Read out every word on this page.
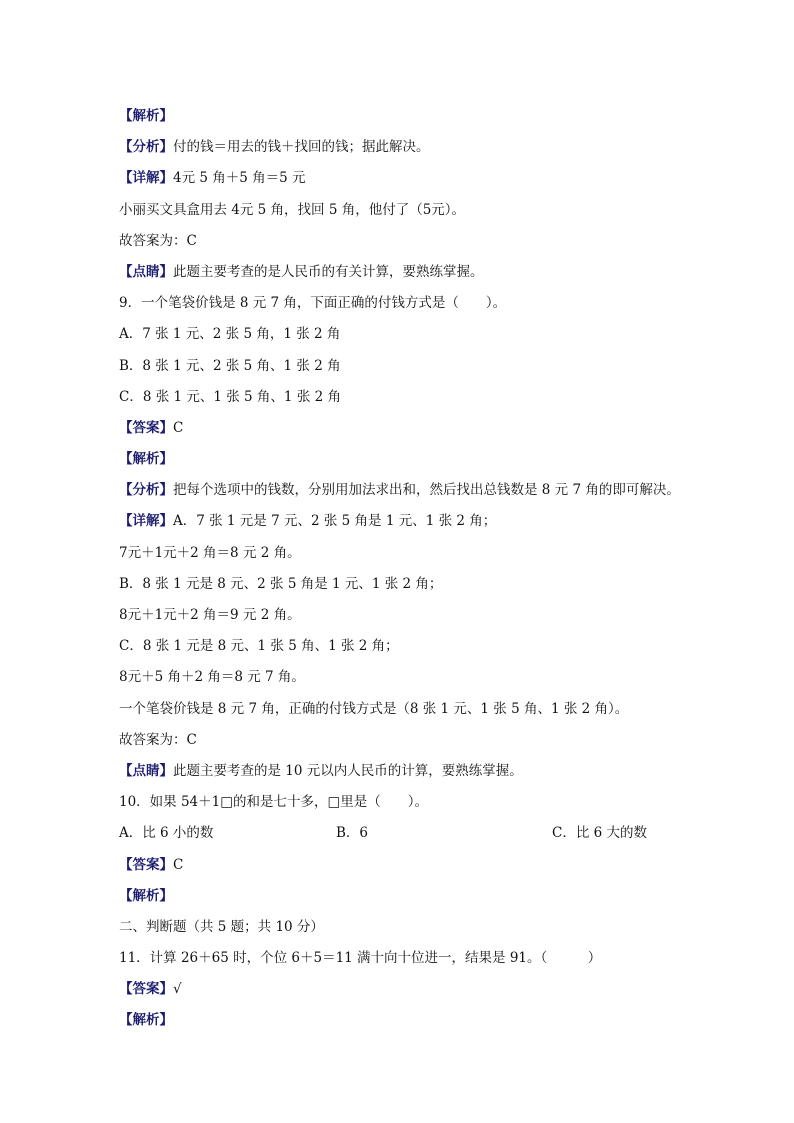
【解析】
【分析】付的钱＝用去的钱＋找回的钱；据此解决。
【详解】4元 5 角＋5 角＝5 元
小丽买文具盒用去 4元 5 角，找回 5 角，他付了（5元）。
故答案为：C
【点睛】此题主要考查的是人民币的有关计算，要熟练掌握。
9．一个笔袋价钱是 8 元 7 角，下面正确的付钱方式是（　　）。
A．7 张 1 元、2 张 5 角，1 张 2 角
B．8 张 1 元、2 张 5 角、1 张 2 角
C．8 张 1 元、1 张 5 角、1 张 2 角
【答案】C
【解析】
【分析】把每个选项中的钱数，分别用加法求出和，然后找出总钱数是 8 元 7 角的即可解决。
【详解】A．7 张 1 元是 7 元、2 张 5 角是 1 元、1 张 2 角；
7元＋1元＋2 角＝8 元 2 角。
B．8 张 1 元是 8 元、2 张 5 角是 1 元、1 张 2 角；
8元＋1元＋2 角＝9 元 2 角。
C．8 张 1 元是 8 元、1 张 5 角、1 张 2 角；
8元＋5 角＋2 角＝8 元 7 角。
一个笔袋价钱是 8 元 7 角，正确的付钱方式是（8 张 1 元、1 张 5 角、1 张 2 角）。
故答案为：C
【点睛】此题主要考查的是 10 元以内人民币的计算，要熟练掌握。
10．如果 54＋1□的和是七十多，□里是（　　）。
A．比 6 小的数	B．6	C．比 6 大的数
【答案】C
【解析】
二、判断题（共 5 题；共 10 分）
11．计算 26＋65 时，个位 6＋5＝11 满十向十位进一，结果是 91。（　　　）
【答案】√
【解析】
